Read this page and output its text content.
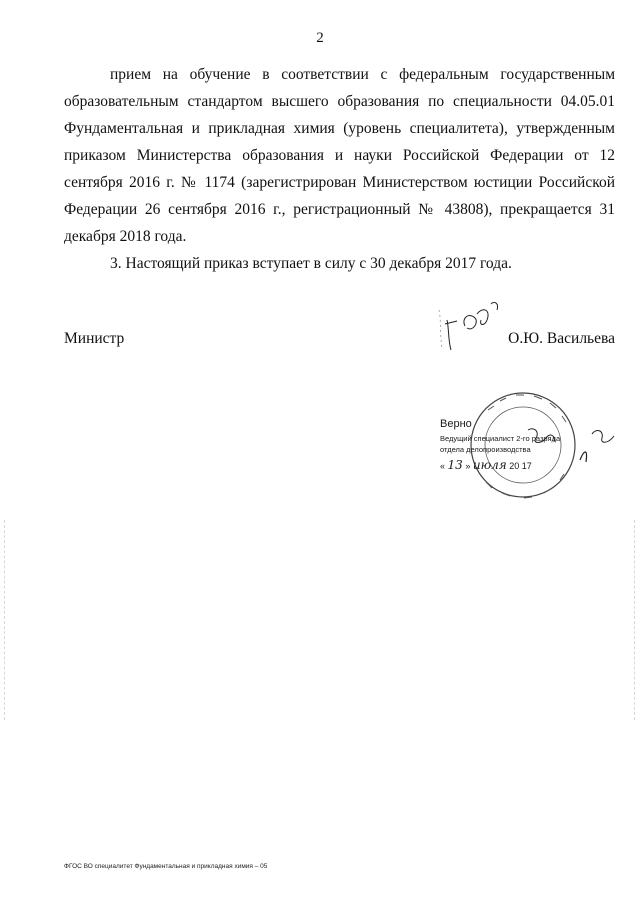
2

прием на обучение в соответствии с федеральным государственным образовательным стандартом высшего образования по специальности 04.05.01 Фундаментальная и прикладная химия (уровень специалитета), утвержденным приказом Министерства образования и науки Российской Федерации от 12 сентября 2016 г. № 1174 (зарегистрирован Министерством юстиции Российской Федерации 26 сентября 2016 г., регистрационный № 43808), прекращается 31 декабря 2018 года.

3. Настоящий приказ вступает в силу с 30 декабря 2017 года.

Министр	О.Ю. Васильева
Верно
Ведущий специалист 2-го разряда
отдела делопроизводства
« 13 » июля 20 17
ФГОС ВО специалитет Фундаментальная и прикладная химия – 05
